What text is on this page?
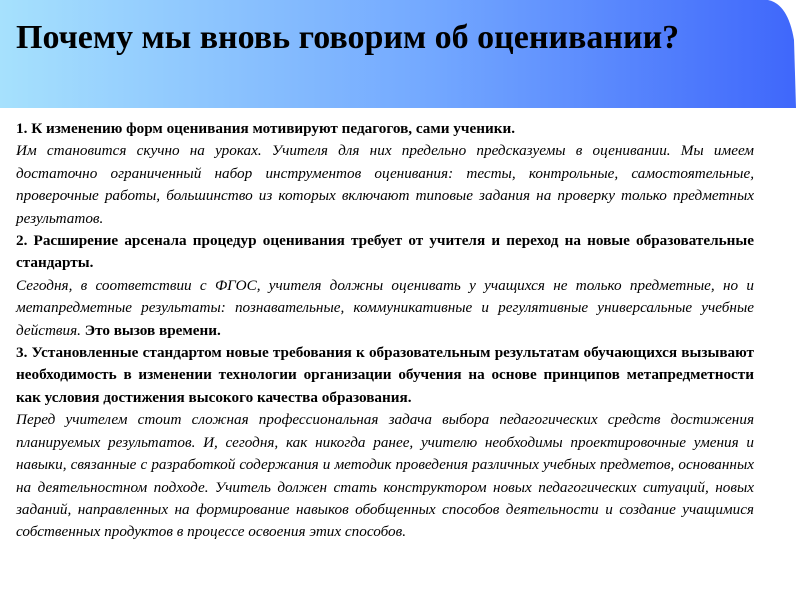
Почему мы вновь говорим об оценивании?

1. К изменению форм оценивания мотивируют педагогов, сами ученики.

Им становится скучно на уроках. Учителя для них предельно предсказуемы в оценивании. Мы имеем достаточно ограниченный набор инструментов оценивания: тесты, контрольные, самостоятельные, проверочные работы, большинство из которых включают типовые задания на проверку только предметных результатов.

2. Расширение арсенала процедур оценивания требует от учителя и переход на новые образовательные стандарты.

Сегодня, в соответствии с ФГОС, учителя должны оценивать у учащихся не только предметные, но и метапредметные результаты: познавательные, коммуникативные и регулятивные универсальные учебные действия. Это вызов времени.

3. Установленные стандартом новые требования к образовательным результатам обучающихся вызывают необходимость в изменении технологии организации обучения на основе принципов метапредметности как условия достижения высокого качества образования.

Перед учителем стоит сложная профессиональная задача выбора педагогических средств достижения планируемых результатов. И, сегодня, как никогда ранее, учителю необходимы проектировочные умения и навыки, связанные с разработкой содержания и методик проведения различных учебных предметов, основанных на деятельностном подходе. Учитель должен стать конструктором новых педагогических ситуаций, новых заданий, направленных на формирование навыков обобщенных способов деятельности и создание учащимися собственных продуктов в процессе освоения этих способов.
